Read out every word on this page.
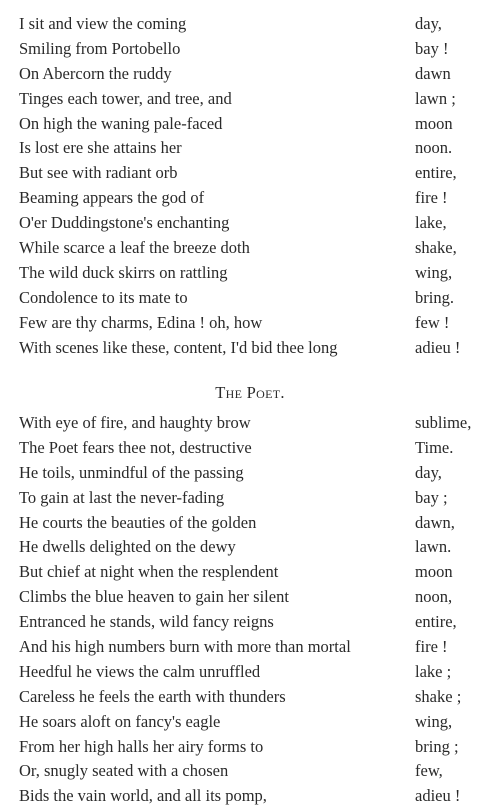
I sit and view the coming	day,
Smiling from Portobello	bay !
On Abercorn the ruddy	dawn
Tinges each tower, and tree, and	lawn ;
On high the waning pale-faced	moon
Is lost ere she attains her	noon.
But see with radiant orb	entire,
Beaming appears the god of	fire !
O'er Duddingstone's enchanting	lake,
While scarce a leaf the breeze doth	shake,
The wild duck skirrs on rattling	wing,
Condolence to its mate to	bring.
Few are thy charms, Edina ! oh, how	few !
With scenes like these, content, I'd bid thee long	adieu !
The Poet.
With eye of fire, and haughty brow	sublime,
The Poet fears thee not, destructive	Time.
He toils, unmindful of the passing	day,
To gain at last the never-fading	bay ;
He courts the beauties of the golden	dawn,
He dwells delighted on the dewy	lawn.
But chief at night when the resplendent	moon
Climbs the blue heaven to gain her silent	noon,
Entranced he stands, wild fancy reigns	entire,
And his high numbers burn with more than mortal	fire !
Heedful he views the calm unruffled	lake ;
Careless he feels the earth with thunders	shake ;
He soars aloft on fancy's eagle	wing,
From her high halls her airy forms to	bring ;
Or, snugly seated with a chosen	few,
Bids the vain world, and all its pomp,	adieu !
